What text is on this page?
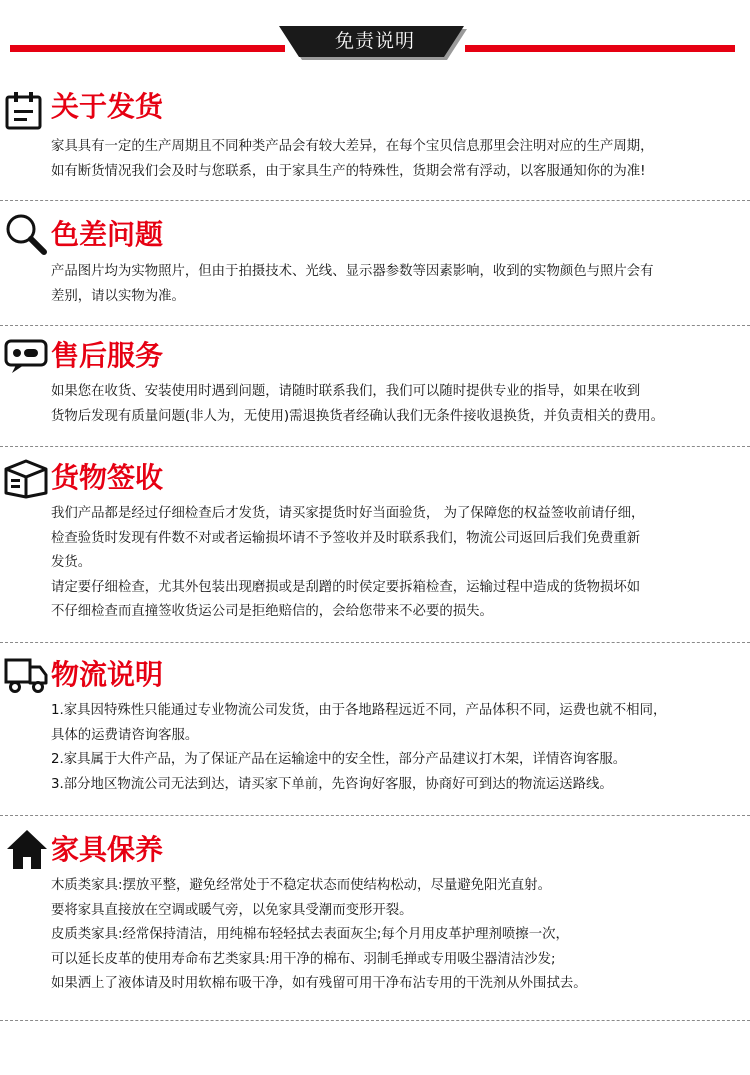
免责说明
关于发货
家具具有一定的生产周期且不同种类产品会有较大差异，在每个宝贝信息那里会注明对应的生产周期，
如有断货情况我们会及时与您联系，由于家具生产的特殊性，货期会常有浮动，以客服通知你的为准!
色差问题
产品图片均为实物照片，但由于拍摄技术、光线、显示器参数等因素影响，收到的实物颜色与照片会有
差别，请以实物为准。
售后服务
如果您在收货、安装使用时遇到问题，请随时联系我们，我们可以随时提供专业的指导，如果在收到
货物后发现有质量问题(非人为，无使用)需退换货者经确认我们无条件接收退换货，并负责相关的费用。
货物签收
我们产品都是经过仔细检查后才发货，请买家提货时好当面验货， 为了保障您的权益签收前请仔细，
检查验货时发现有件数不对或者运输损坏请不予签收并及时联系我们，物流公司返回后我们免费重新
发货。
请定要仔细检查，尤其外包装出现磨损或是刮蹭的时侯定要拆箱检查，运输过程中造成的货物损坏如
不仔细检查而直撞签收货运公司是拒绝赔信的，会给您带来不必要的损失。
物流说明
1.家具因特殊性只能通过专业物流公司发货，由于各地路程远近不同，产品体积不同，运费也就不相同，
具体的运费请咨询客服。
2.家具属于大件产品，为了保证产品在运输途中的安全性，部分产品建议打木架，详情咨询客服。
3.部分地区物流公司无法到达，请买家下单前，先咨询好客服，协商好可到达的物流运送路线。
家具保养
木质类家具:摆放平整，避免经常处于不稳定状态而使结构松动，尽量避免阳光直射。
要将家具直接放在空调或暖气旁，以免家具受潮而变形开裂。
皮质类家具:经常保持清洁，用纯棉布轻轻拭去表面灰尘;每个月用皮革护理剂喷擦一次，
可以延长皮革的使用寿命布艺类家具:用干净的棉布、羽制毛掸或专用吸尘器清洁沙发;
如果洒上了液体请及时用软棉布吸干净，如有残留可用干净布沾专用的干洗剂从外围拭去。
